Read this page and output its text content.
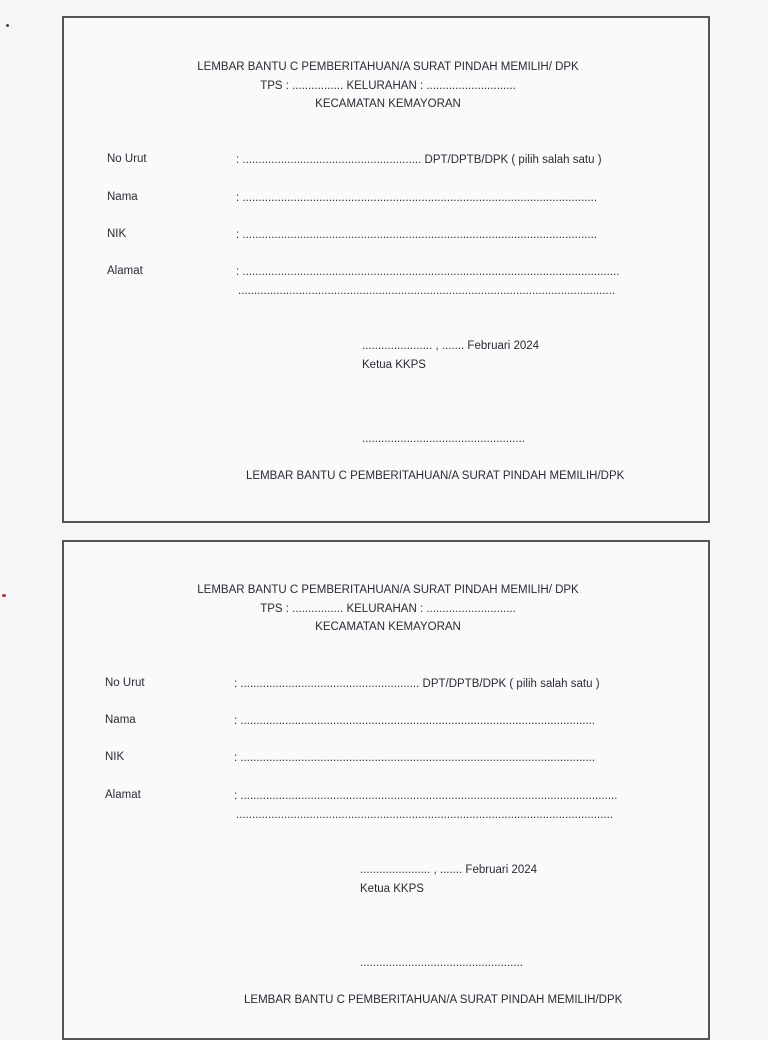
LEMBAR BANTU C PEMBERITAHUAN/A SURAT PINDAH MEMILIH/ DPK
TPS : ................ KELURAHAN : ............................
KECAMATAN KEMAYORAN
No Urut	: ........................................................ DPT/DPTB/DPK ( pilih salah satu )
Nama	: ...............................................................................................................
NIK	: ...............................................................................................................
Alamat	: ......................................................................................................................
......................................................................................................................
...................... , ....... Februari 2024
Ketua KKPS
...................................................
LEMBAR BANTU C PEMBERITAHUAN/A SURAT PINDAH MEMILIH/DPK
LEMBAR BANTU C PEMBERITAHUAN/A SURAT PINDAH MEMILIH/ DPK
TPS : ................ KELURAHAN : ............................
KECAMATAN KEMAYORAN
No Urut	: ........................................................ DPT/DPTB/DPK ( pilih salah satu )
Nama	: ...............................................................................................................
NIK	: ...............................................................................................................
Alamat	: ......................................................................................................................
......................................................................................................................
...................... , ....... Februari 2024
Ketua KKPS
...................................................
LEMBAR BANTU C PEMBERITAHUAN/A SURAT PINDAH MEMILIH/DPK
